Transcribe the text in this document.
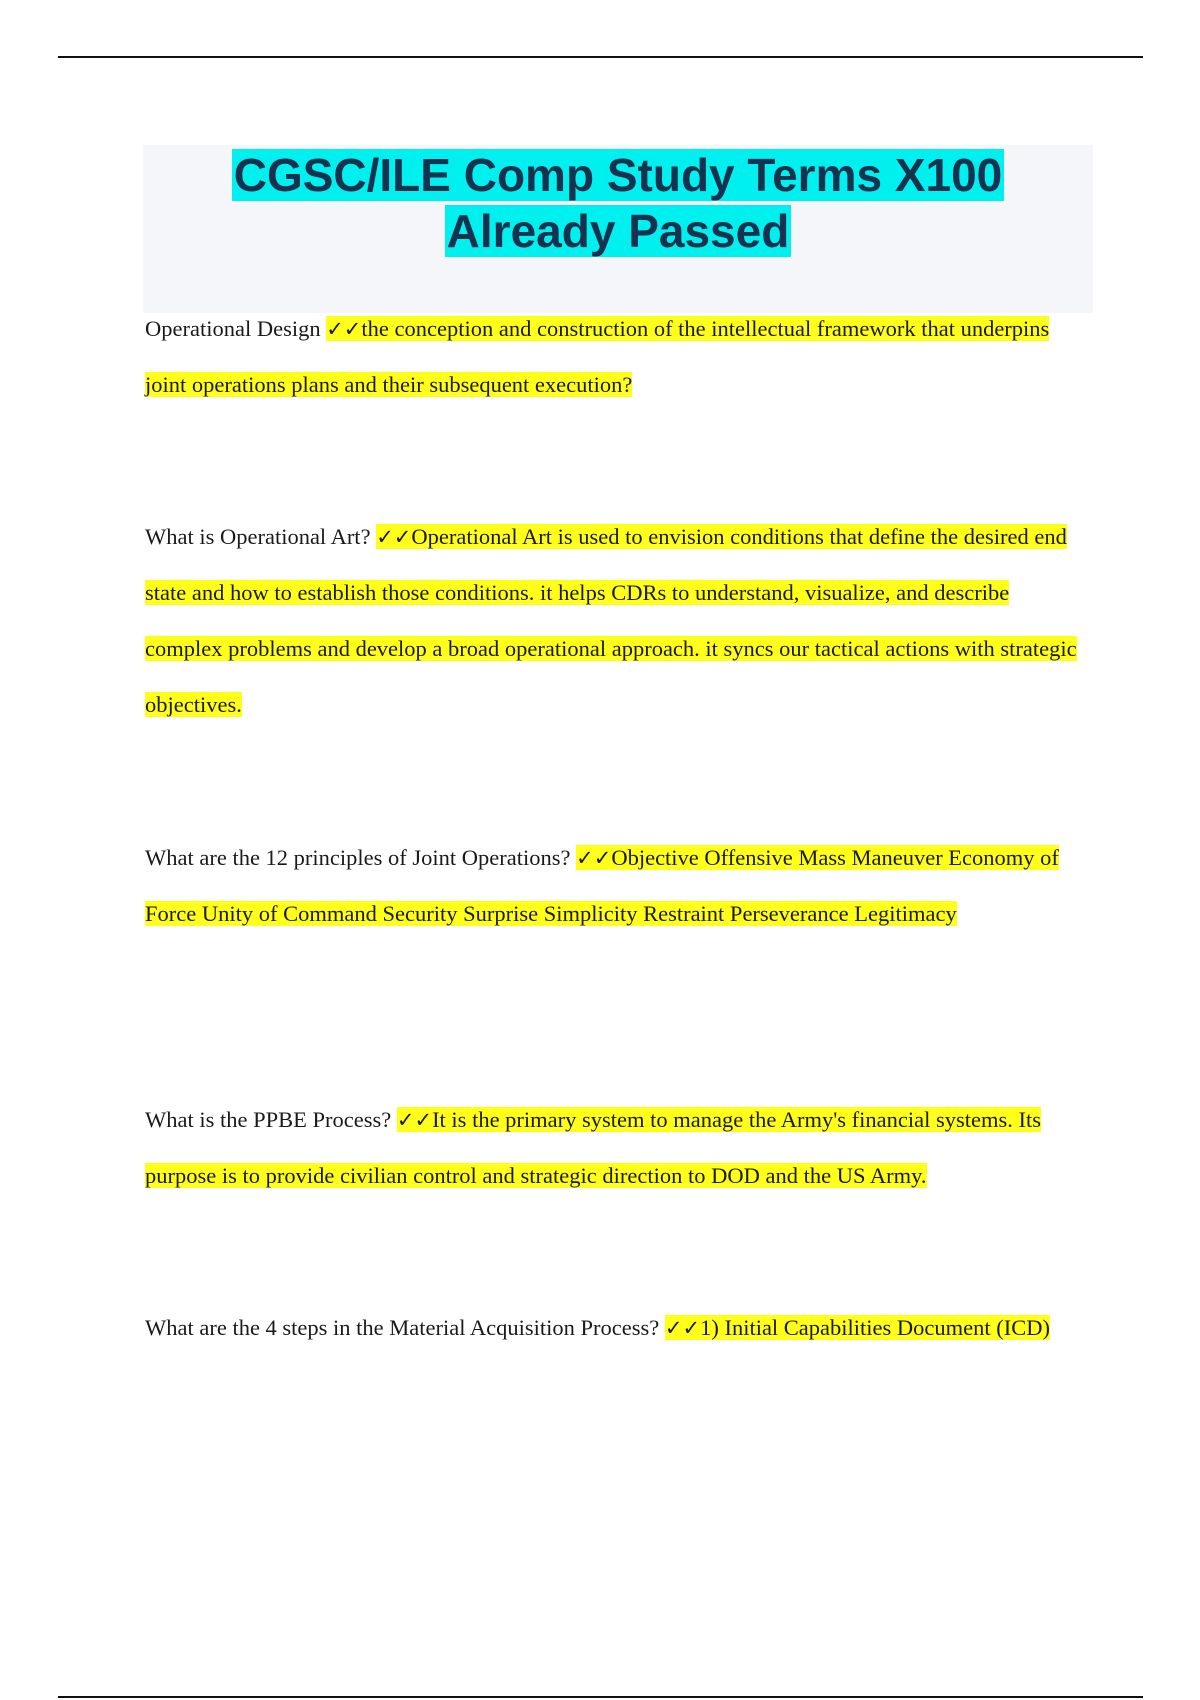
CGSC/ILE Comp Study Terms X100
Already Passed

Operational Design ✓✓the conception and construction of the intellectual framework that underpins joint operations plans and their subsequent execution?

What is Operational Art? ✓✓Operational Art is used to envision conditions that define the desired end state and how to establish those conditions. it helps CDRs to understand, visualize, and describe complex problems and develop a broad operational approach. it syncs our tactical actions with strategic objectives.

What are the 12 principles of Joint Operations? ✓✓Objective Offensive Mass Maneuver Economy of Force Unity of Command Security Surprise Simplicity Restraint Perseverance Legitimacy

What is the PPBE Process? ✓✓It is the primary system to manage the Army's financial systems. Its purpose is to provide civilian control and strategic direction to DOD and the US Army.

What are the 4 steps in the Material Acquisition Process? ✓✓1) Initial Capabilities Document (ICD)
